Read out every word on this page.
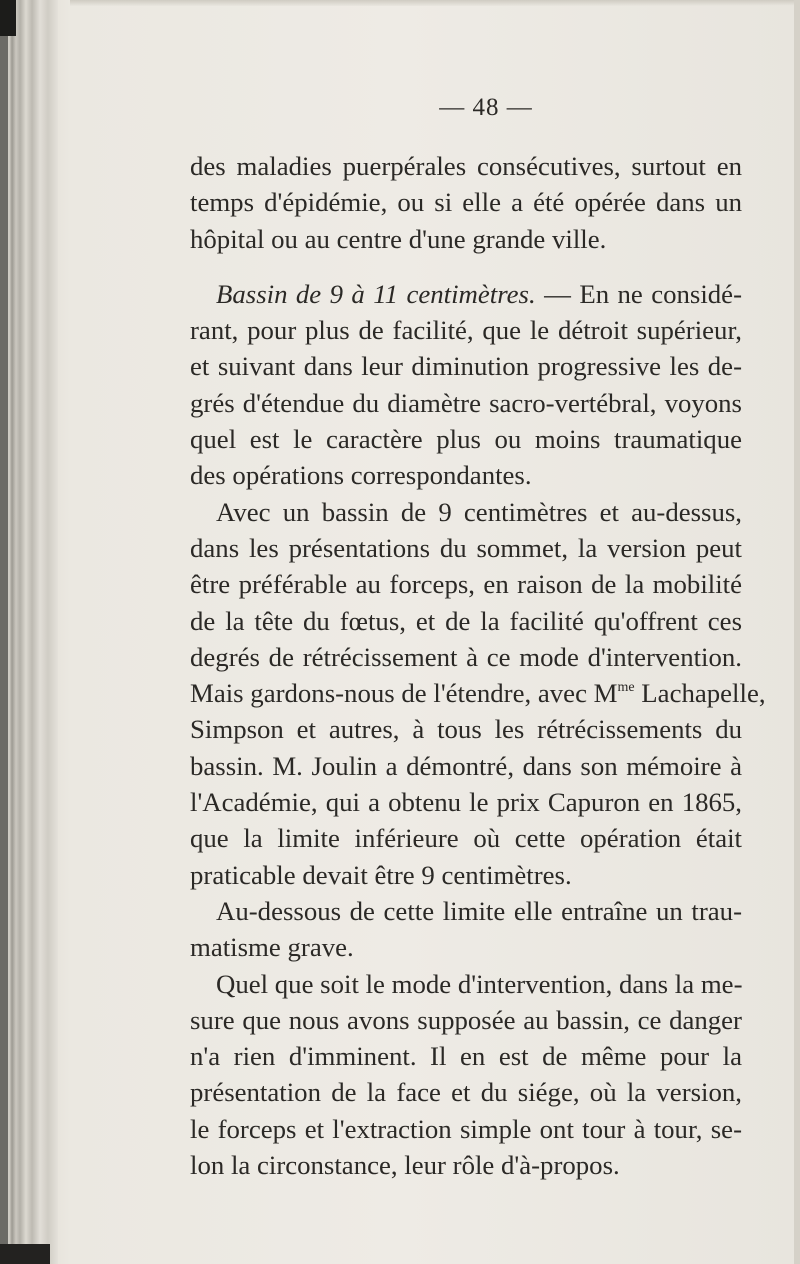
— 48 —
des maladies puerpérales consécutives, surtout en
temps d'épidémie, ou si elle a été opérée dans un
hôpital ou au centre d'une grande ville.
Bassin de 9 à 11 centimètres. — En ne considé-
rant, pour plus de facilité, que le détroit supérieur,
et suivant dans leur diminution progressive les de-
grés d'étendue du diamètre sacro-vertébral, voyons
quel est le caractère plus ou moins traumatique
des opérations correspondantes.
Avec un bassin de 9 centimètres et au-dessus,
dans les présentations du sommet, la version peut
être préférable au forceps, en raison de la mobilité
de la tête du fœtus, et de la facilité qu'offrent ces
degrés de rétrécissement à ce mode d'intervention.
Mais gardons-nous de l'étendre, avec $M^{me}$ Lachapelle,
Simpson et autres, à tous les rétrécissements du
bassin. M. Joulin a démontré, dans son mémoire à
l'Académie, qui a obtenu le prix Capuron en 1865,
que la limite inférieure où cette opération était
praticable devait être 9 centimètres.
Au-dessous de cette limite elle entraîne un trau-
matisme grave.
Quel que soit le mode d'intervention, dans la me-
sure que nous avons supposée au bassin, ce danger
n'a rien d'imminent. Il en est de même pour la
présentation de la face et du siége, où la version,
le forceps et l'extraction simple ont tour à tour, se-
lon la circonstance, leur rôle d'à-propos.
